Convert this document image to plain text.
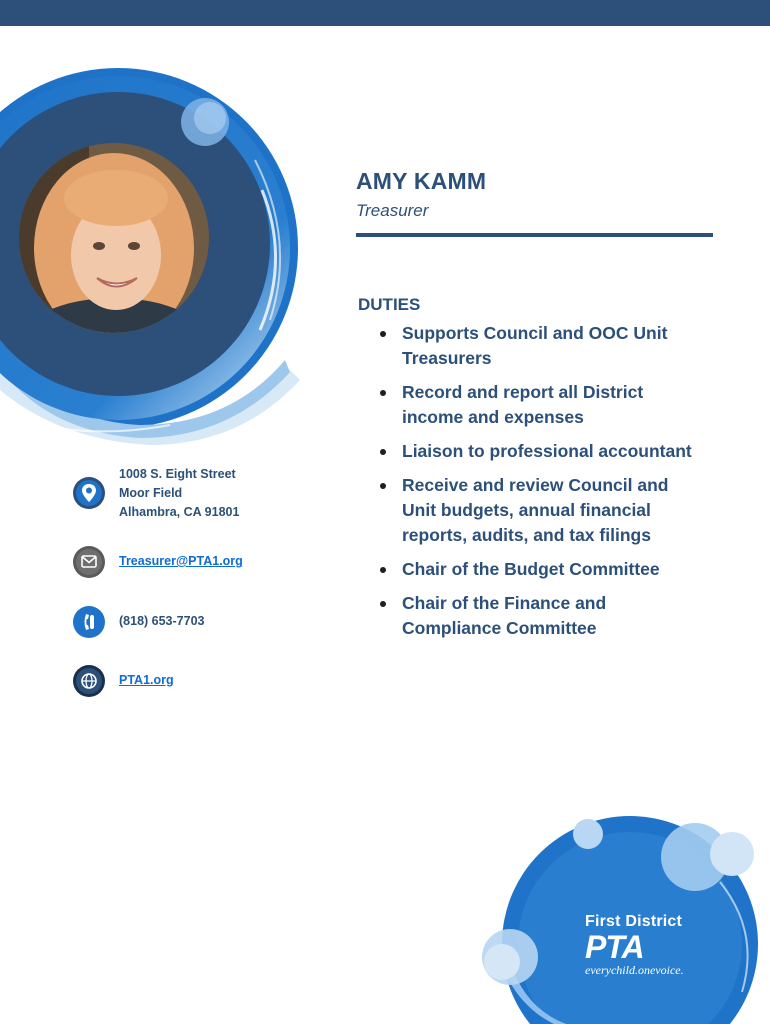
AMY KAMM
Treasurer
DUTIES
Supports Council and OOC Unit
Treasurers
Record and report all District
income and expenses
Liaison to professional accountant
Receive and review Council and
Unit budgets, annual financial
reports, audits, and tax filings
Chair of the Budget Committee
Chair of the Finance and
Compliance Committee
1008 S. Eight Street
Moor Field
Alhambra, CA 91801
Treasurer@PTA1.org
(818) 653-7703
PTA1.org
First District
PTA
everychild.onevoice.
